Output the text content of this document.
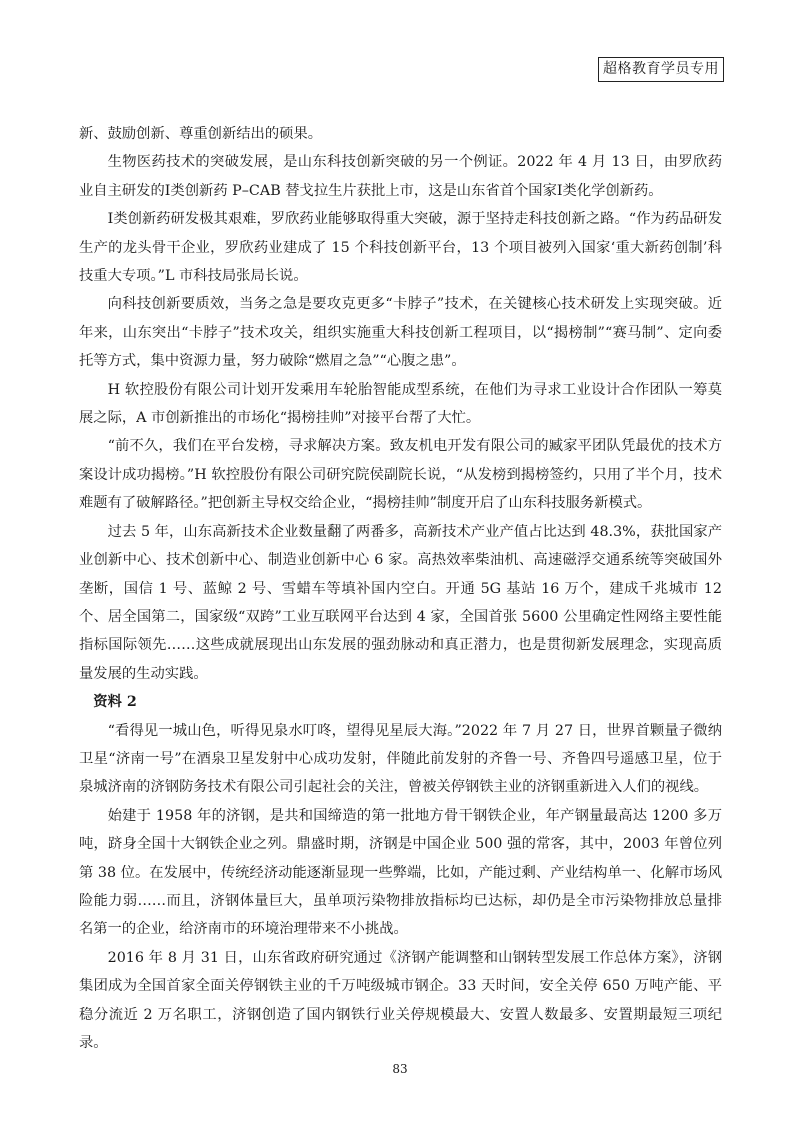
超格教育学员专用

新、鼓励创新、尊重创新结出的硕果。

生物医药技术的突破发展，是山东科技创新突破的另一个例证。2022 年 4 月 13 日，由罗欣药业自主研发的Ⅰ类创新药 P–CAB 替戈拉生片获批上市，这是山东省首个国家Ⅰ类化学创新药。

Ⅰ类创新药研发极其艰难，罗欣药业能够取得重大突破，源于坚持走科技创新之路。“作为药品研发生产的龙头骨干企业，罗欣药业建成了 15 个科技创新平台，13 个项目被列入国家‘重大新药创制’科技重大专项。”L 市科技局张局长说。

向科技创新要质效，当务之急是要攻克更多“卡脖子”技术，在关键核心技术研发上实现突破。近年来，山东突出“卡脖子”技术攻关，组织实施重大科技创新工程项目，以“揭榜制”“赛马制”、定向委托等方式，集中资源力量，努力破除“燃眉之急”“心腹之患”。

H 软控股份有限公司计划开发乘用车轮胎智能成型系统，在他们为寻求工业设计合作团队一筹莫展之际，A 市创新推出的市场化“揭榜挂帅”对接平台帮了大忙。

“前不久，我们在平台发榜，寻求解决方案。致友机电开发有限公司的臧家平团队凭最优的技术方案设计成功揭榜。”H 软控股份有限公司研究院侯副院长说，“从发榜到揭榜签约，只用了半个月，技术难题有了破解路径。”把创新主导权交给企业，“揭榜挂帅”制度开启了山东科技服务新模式。

过去 5 年，山东高新技术企业数量翻了两番多，高新技术产业产值占比达到 48.3%，获批国家产业创新中心、技术创新中心、制造业创新中心 6 家。高热效率柴油机、高速磁浮交通系统等突破国外垄断，国信 1 号、蓝鲸 2 号、雪蜡车等填补国内空白。开通 5G 基站 16 万个，建成千兆城市 12 个、居全国第二，国家级“双跨”工业互联网平台达到 4 家，全国首张 5600 公里确定性网络主要性能指标国际领先……这些成就展现出山东发展的强劲脉动和真正潜力，也是贯彻新发展理念，实现高质量发展的生动实践。

资料 2

“看得见一城山色，听得见泉水叮咚，望得见星辰大海。”2022 年 7 月 27 日，世界首颗量子微纳卫星“济南一号”在酒泉卫星发射中心成功发射，伴随此前发射的齐鲁一号、齐鲁四号遥感卫星，位于泉城济南的济钢防务技术有限公司引起社会的关注，曾被关停钢铁主业的济钢重新进入人们的视线。

始建于 1958 年的济钢，是共和国缔造的第一批地方骨干钢铁企业，年产钢量最高达 1200 多万吨，跻身全国十大钢铁企业之列。鼎盛时期，济钢是中国企业 500 强的常客，其中，2003 年曾位列第 38 位。在发展中，传统经济动能逐渐显现一些弊端，比如，产能过剩、产业结构单一、化解市场风险能力弱……而且，济钢体量巨大，虽单项污染物排放指标均已达标，却仍是全市污染物排放总量排名第一的企业，给济南市的环境治理带来不小挑战。

2016 年 8 月 31 日，山东省政府研究通过《济钢产能调整和山钢转型发展工作总体方案》，济钢集团成为全国首家全面关停钢铁主业的千万吨级城市钢企。33 天时间，安全关停 650 万吨产能、平稳分流近 2 万名职工，济钢创造了国内钢铁行业关停规模最大、安置人数最多、安置期最短三项纪录。

83
